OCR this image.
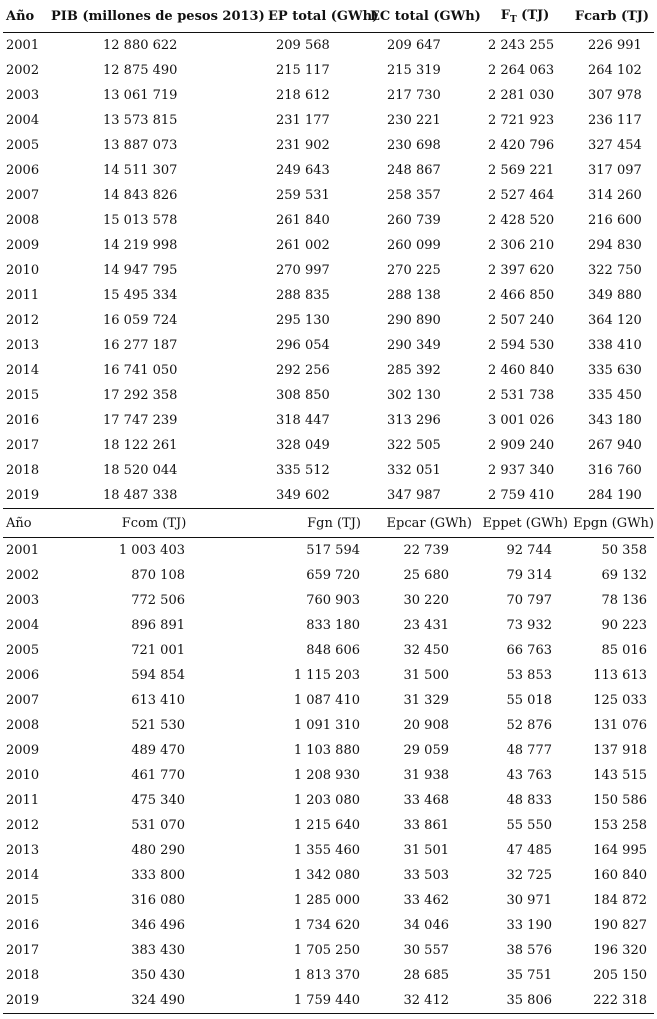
Año	PIB (millones de pesos 2013)	EP total (GWh)	EC total (GWh)	$F_T$ (TJ)	Fcarb (TJ)
2001	12 880 622	209 568	209 647	2 243 255	226 991
2002	12 875 490	215 117	215 319	2 264 063	264 102
2003	13 061 719	218 612	217 730	2 281 030	307 978
2004	13 573 815	231 177	230 221	2 721 923	236 117
2005	13 887 073	231 902	230 698	2 420 796	327 454
2006	14 511 307	249 643	248 867	2 569 221	317 097
2007	14 843 826	259 531	258 357	2 527 464	314 260
2008	15 013 578	261 840	260 739	2 428 520	216 600
2009	14 219 998	261 002	260 099	2 306 210	294 830
2010	14 947 795	270 997	270 225	2 397 620	322 750
2011	15 495 334	288 835	288 138	2 466 850	349 880
2012	16 059 724	295 130	290 890	2 507 240	364 120
2013	16 277 187	296 054	290 349	2 594 530	338 410
2014	16 741 050	292 256	285 392	2 460 840	335 630
2015	17 292 358	308 850	302 130	2 531 738	335 450
2016	17 747 239	318 447	313 296	3 001 026	343 180
2017	18 122 261	328 049	322 505	2 909 240	267 940
2018	18 520 044	335 512	332 051	2 937 340	316 760
2019	18 487 338	349 602	347 987	2 759 410	284 190
Año	Fcom (TJ)	Fgn (TJ)	Epcar (GWh)	Eppet (GWh)	Epgn (GWh)
2001	1 003 403	517 594	22 739	92 744	50 358
2002	870 108	659 720	25 680	79 314	69 132
2003	772 506	760 903	30 220	70 797	78 136
2004	896 891	833 180	23 431	73 932	90 223
2005	721 001	848 606	32 450	66 763	85 016
2006	594 854	1 115 203	31 500	53 853	113 613
2007	613 410	1 087 410	31 329	55 018	125 033
2008	521 530	1 091 310	20 908	52 876	131 076
2009	489 470	1 103 880	29 059	48 777	137 918
2010	461 770	1 208 930	31 938	43 763	143 515
2011	475 340	1 203 080	33 468	48 833	150 586
2012	531 070	1 215 640	33 861	55 550	153 258
2013	480 290	1 355 460	31 501	47 485	164 995
2014	333 800	1 342 080	33 503	32 725	160 840
2015	316 080	1 285 000	33 462	30 971	184 872
2016	346 496	1 734 620	34 046	33 190	190 827
2017	383 430	1 705 250	30 557	38 576	196 320
2018	350 430	1 813 370	28 685	35 751	205 150
2019	324 490	1 759 440	32 412	35 806	222 318
